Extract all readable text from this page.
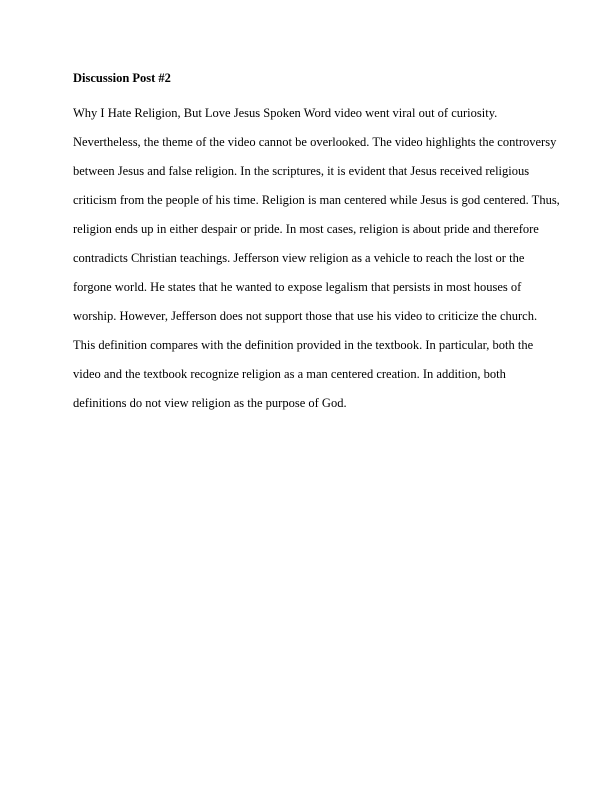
Discussion Post #2
Why I Hate Religion, But Love Jesus Spoken Word video went viral out of curiosity.
Nevertheless, the theme of the video cannot be overlooked. The video highlights the controversy
between Jesus and false religion. In the scriptures, it is evident that Jesus received religious
criticism from the people of his time. Religion is man centered while Jesus is god centered. Thus,
religion ends up in either despair or pride. In most cases, religion is about pride and therefore
contradicts Christian teachings. Jefferson view religion as a vehicle to reach the lost or the
forgone world. He states that he wanted to expose legalism that persists in most houses of
worship. However, Jefferson does not support those that use his video to criticize the church.
This definition compares with the definition provided in the textbook. In particular, both the
video and the textbook recognize religion as a man centered creation. In addition, both
definitions do not view religion as the purpose of God.
